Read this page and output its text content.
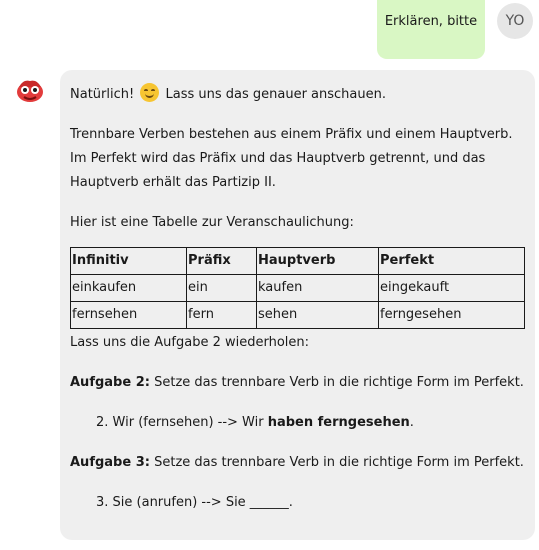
Erklären, bitte	YO
Natürlich! Lass uns das genauer anschauen.
Trennbare Verben bestehen aus einem Präfix und einem Hauptverb. Im Perfekt wird das Präfix und das Hauptverb getrennt, und das Hauptverb erhält das Partizip II.
Hier ist eine Tabelle zur Veranschaulichung:
Infinitiv	Präfix	Hauptverb	Perfekt
einkaufen	ein	kaufen	eingekauft
fernsehen	fern	sehen	ferngesehen
Lass uns die Aufgabe 2 wiederholen:
Aufgabe 2: Setze das trennbare Verb in die richtige Form im Perfekt.
2. Wir (fernsehen) --> Wir haben ferngesehen.
Aufgabe 3: Setze das trennbare Verb in die richtige Form im Perfekt.
3. Sie (anrufen) --> Sie ______.
